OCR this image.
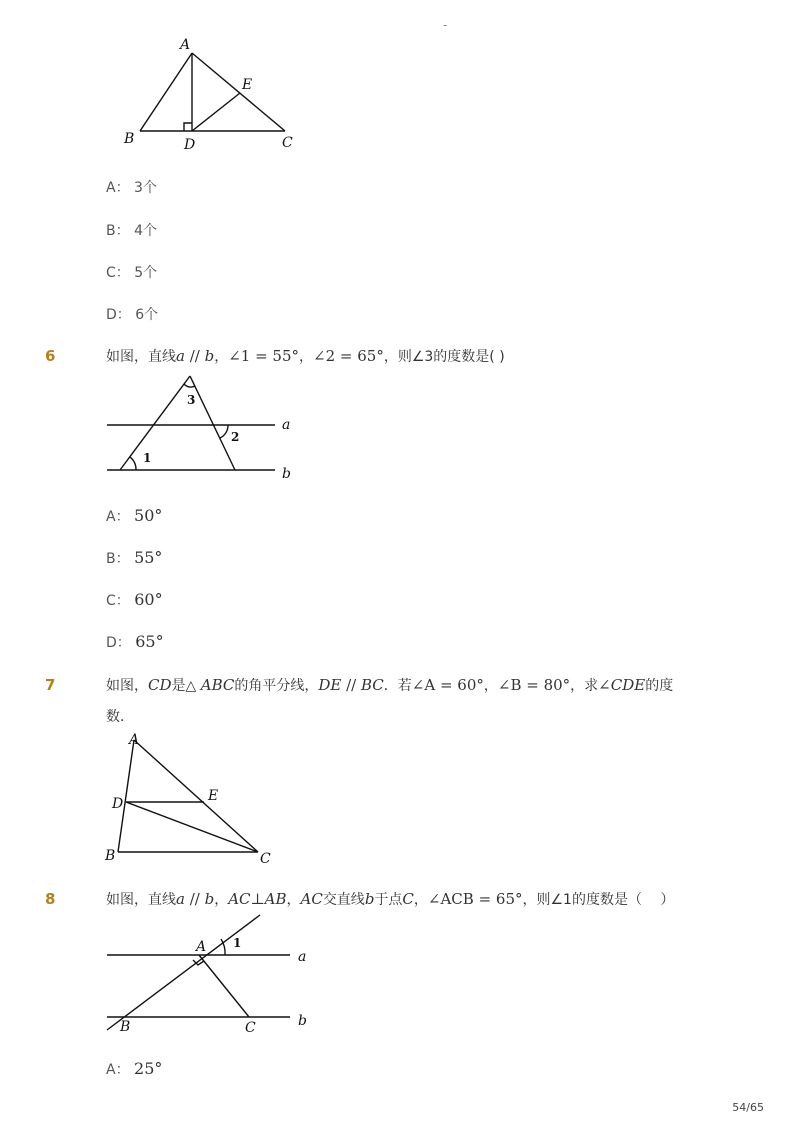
-
A
B	C
D
E
A： 3个
B： 4个
C： 5个
D： 6个
6	如图，直线a // b，∠1 = 55°，∠2 = 65°，则∠3的度数是( )
1
2
3
a
b
A： 50°
B： 55°
C： 60°
D： 65°
7	如图，CD是△ ABC的角平分线，DE // BC．若∠A = 60°，∠B = 80°，求∠CDE的度
数．
A
B	C
D	E
8	如图，直线a // b，AC⊥AB，AC交直线b于点C，∠ACB = 65°，则∠1的度数是（　 ）
A
B	C
1
a
b
A： 25°
54/65
